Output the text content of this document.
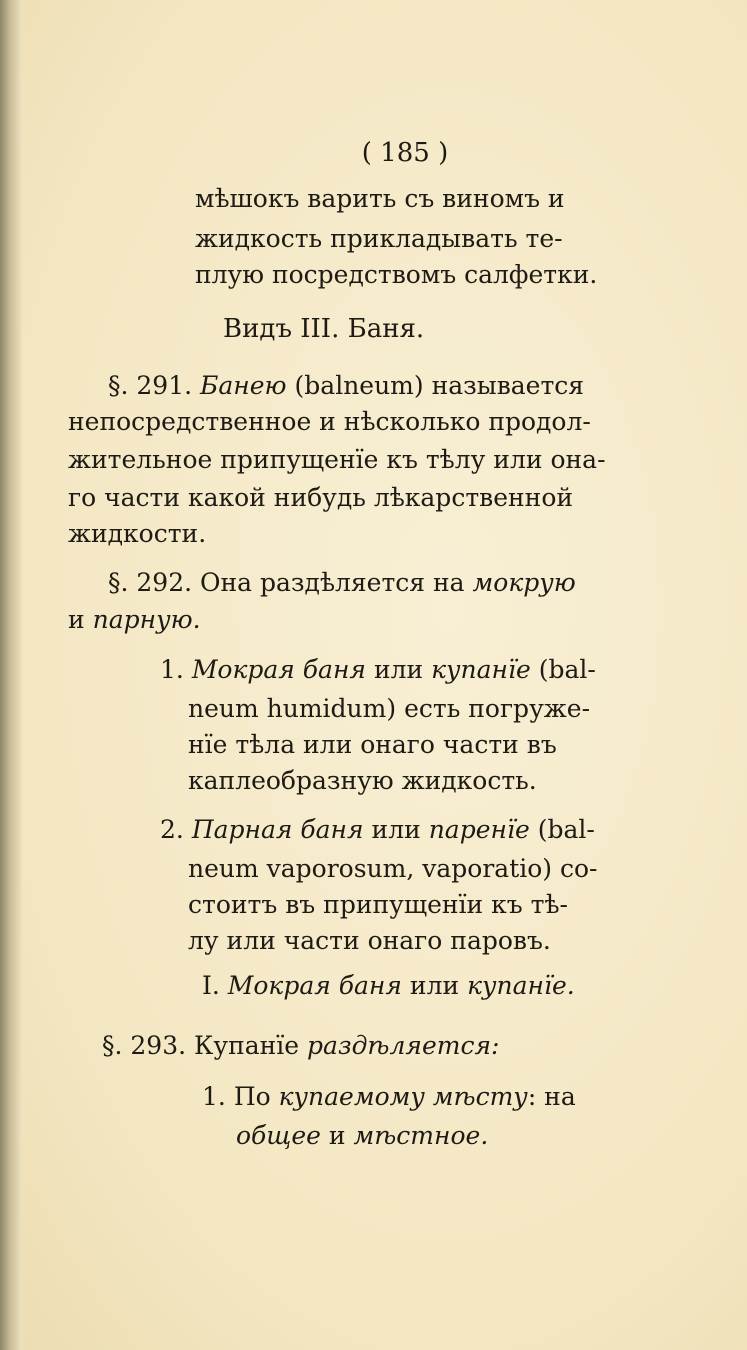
( 185 )
мѣшокъ варить съ виномъ и
жидкость прикладывать те-
плую посредствомъ салфетки.
Видъ III. Баня.
§. 291. Банею (balneum) называется
непосредственное и нѣсколько продол-
жительное припущенїе къ тѣлу или она-
го части какой нибудь лѣкарственной
жидкости.
§. 292. Она раздѣляется на мокрую
и парную.
1. Мокрая баня или купанїе (bal-
neum humidum) есть погруже-
нїе тѣла или онаго части въ
каплеобразную жидкость.
2. Парная баня или паренїе (bal-
neum vaporosum, vaporatio) со-
стоитъ въ припущенїи къ тѣ-
лу или части онаго паровъ.
I. Мокрая баня или купанїе.
§. 293. Купанїе раздѣляется:
1. По купаемому мѣсту: на
общее и мѣстное.
